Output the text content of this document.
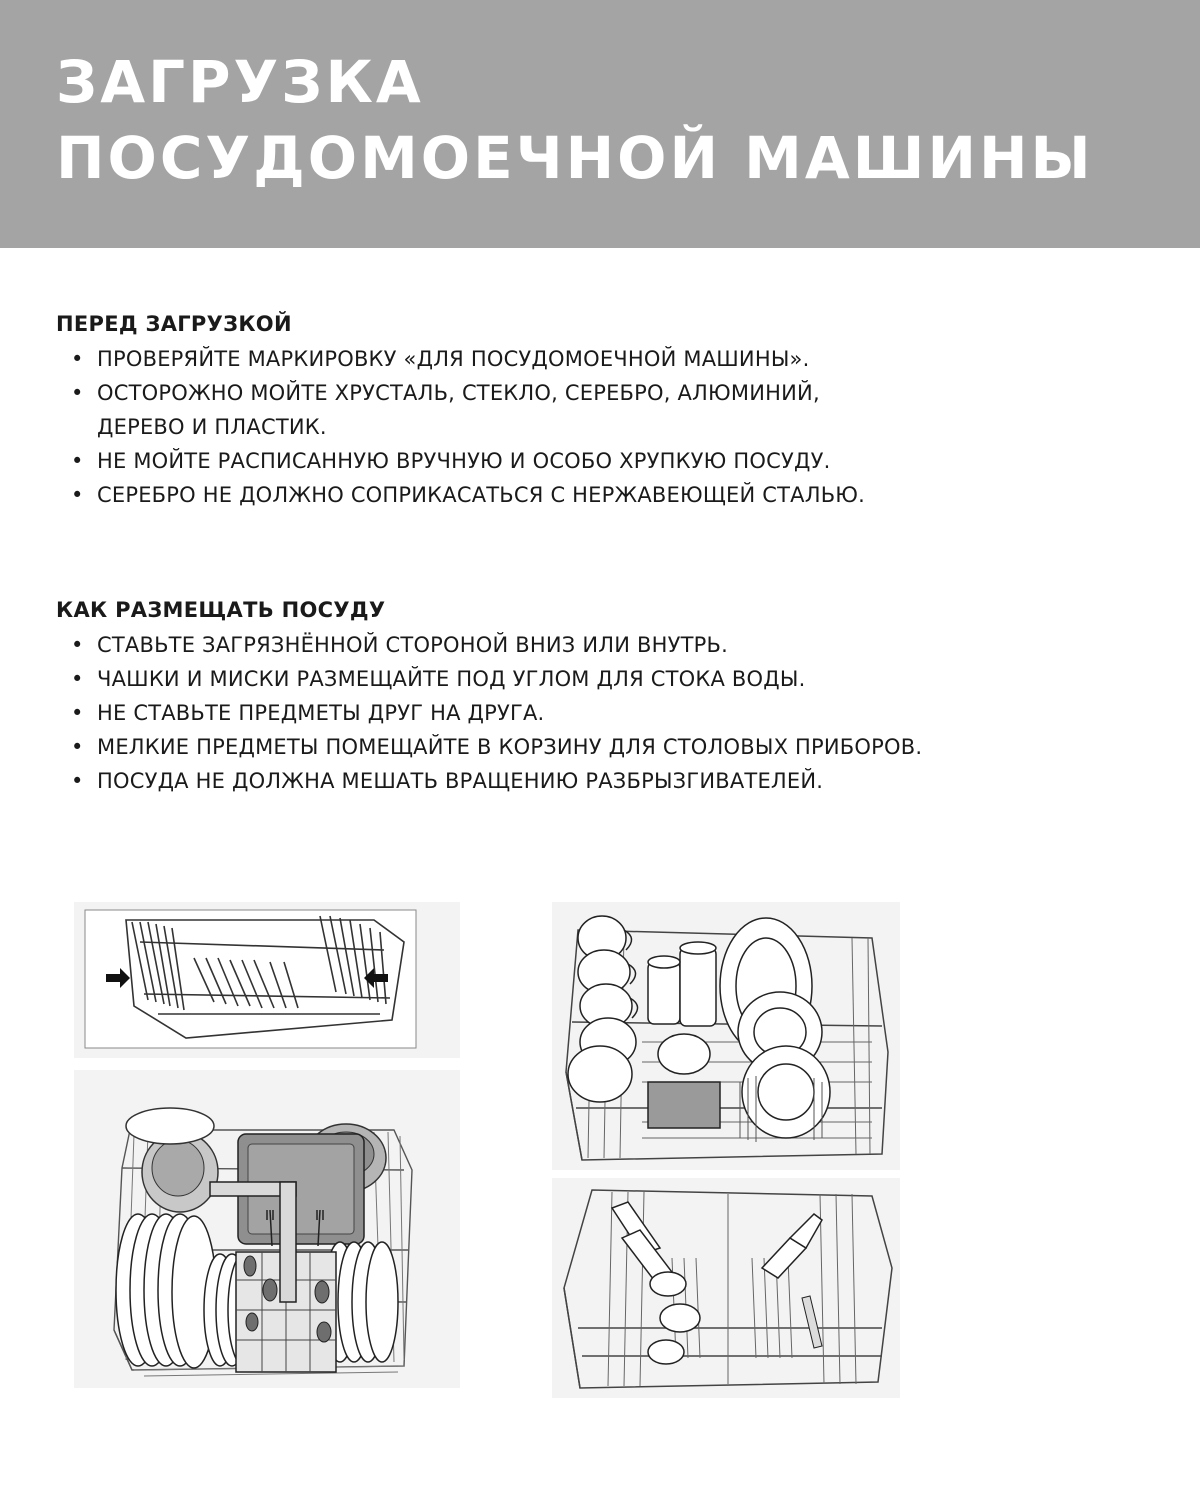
ЗАГРУЗКА
ПОСУДОМОЕЧНОЙ МАШИНЫ
ПЕРЕД ЗАГРУЗКОЙ
• ПРОВЕРЯЙТЕ МАРКИРОВКУ «ДЛЯ ПОСУДОМОЕЧНОЙ МАШИНЫ».
• ОСТОРОЖНО МОЙТЕ ХРУСТАЛЬ, СТЕКЛО, СЕРЕБРО, АЛЮМИНИЙ,
ДЕРЕВО И ПЛАСТИК.
• НЕ МОЙТЕ РАСПИСАННУЮ ВРУЧНУЮ И ОСОБО ХРУПКУЮ ПОСУДУ.
• СЕРЕБРО НЕ ДОЛЖНО СОПРИКАСАТЬСЯ С НЕРЖАВЕЮЩЕЙ СТАЛЬЮ.
КАК РАЗМЕЩАТЬ ПОСУДУ
• СТАВЬТЕ ЗАГРЯЗНЁННОЙ СТОРОНОЙ ВНИЗ ИЛИ ВНУТРЬ.
• ЧАШКИ И МИСКИ РАЗМЕЩАЙТЕ ПОД УГЛОМ ДЛЯ СТОКА ВОДЫ.
• НЕ СТАВЬТЕ ПРЕДМЕТЫ ДРУГ НА ДРУГА.
• МЕЛКИЕ ПРЕДМЕТЫ ПОМЕЩАЙТЕ В КОРЗИНУ ДЛЯ СТОЛОВЫХ ПРИБОРОВ.
• ПОСУДА НЕ ДОЛЖНА МЕШАТЬ ВРАЩЕНИЮ РАЗБРЫЗГИВАТЕЛЕЙ.
